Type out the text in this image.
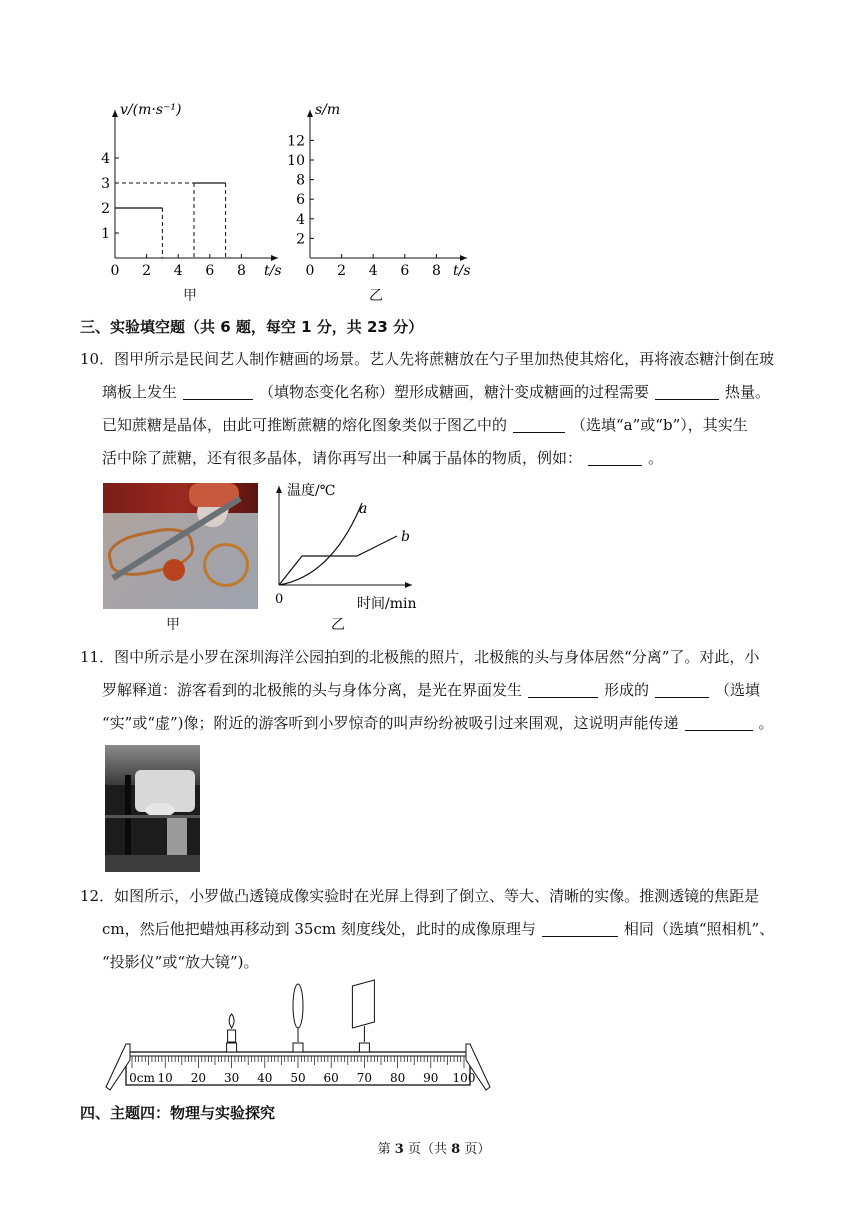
0 2 4 6 8
1
2
3
4
t/s
v/(m·s⁻¹)
甲
0 2 4 6 8
2
4
6
8
10
12
t/s
s/m
乙
三、实验填空题（共 6 题，每空 1 分，共 23 分）

10．图甲所示是民间艺人制作糖画的场景。艺人先将蔗糖放在勺子里加热使其熔化，再将液态糖汁倒在玻

璃板上发生	（填物态变化名称）塑形成糖画，糖汁变成糖画的过程需要	热量。

已知蔗糖是晶体，由此可推断蔗糖的熔化图象类似于图乙中的	（选填“a”或“b”），其实生

活中除了蔗糖，还有很多晶体，请你再写出一种属于晶体的物质，例如：	。

甲
温度/℃
时间/min
0
a
b
乙

11．图中所示是小罗在深圳海洋公园拍到的北极熊的照片，北极熊的头与身体居然“分离”了。对此，小

罗解释道：游客看到的北极熊的头与身体分离，是光在界面发生	形成的	（选填

“实”或“虚”)像；附近的游客听到小罗惊奇的叫声纷纷被吸引过来围观，这说明声能传递	。

12．如图所示，小罗做凸透镜成像实验时在光屏上得到了倒立、等大、清晰的实像。推测透镜的焦距是

cm，然后他把蜡烛再移动到 35cm 刻度线处，此时的成像原理与	相同（选填“照相机”、

“投影仪”或“放大镜”)。

0cm 10 20 30 40 50 60 70 80 90 100
四、主题四：物理与实验探究
第 3 页（共 8 页）
